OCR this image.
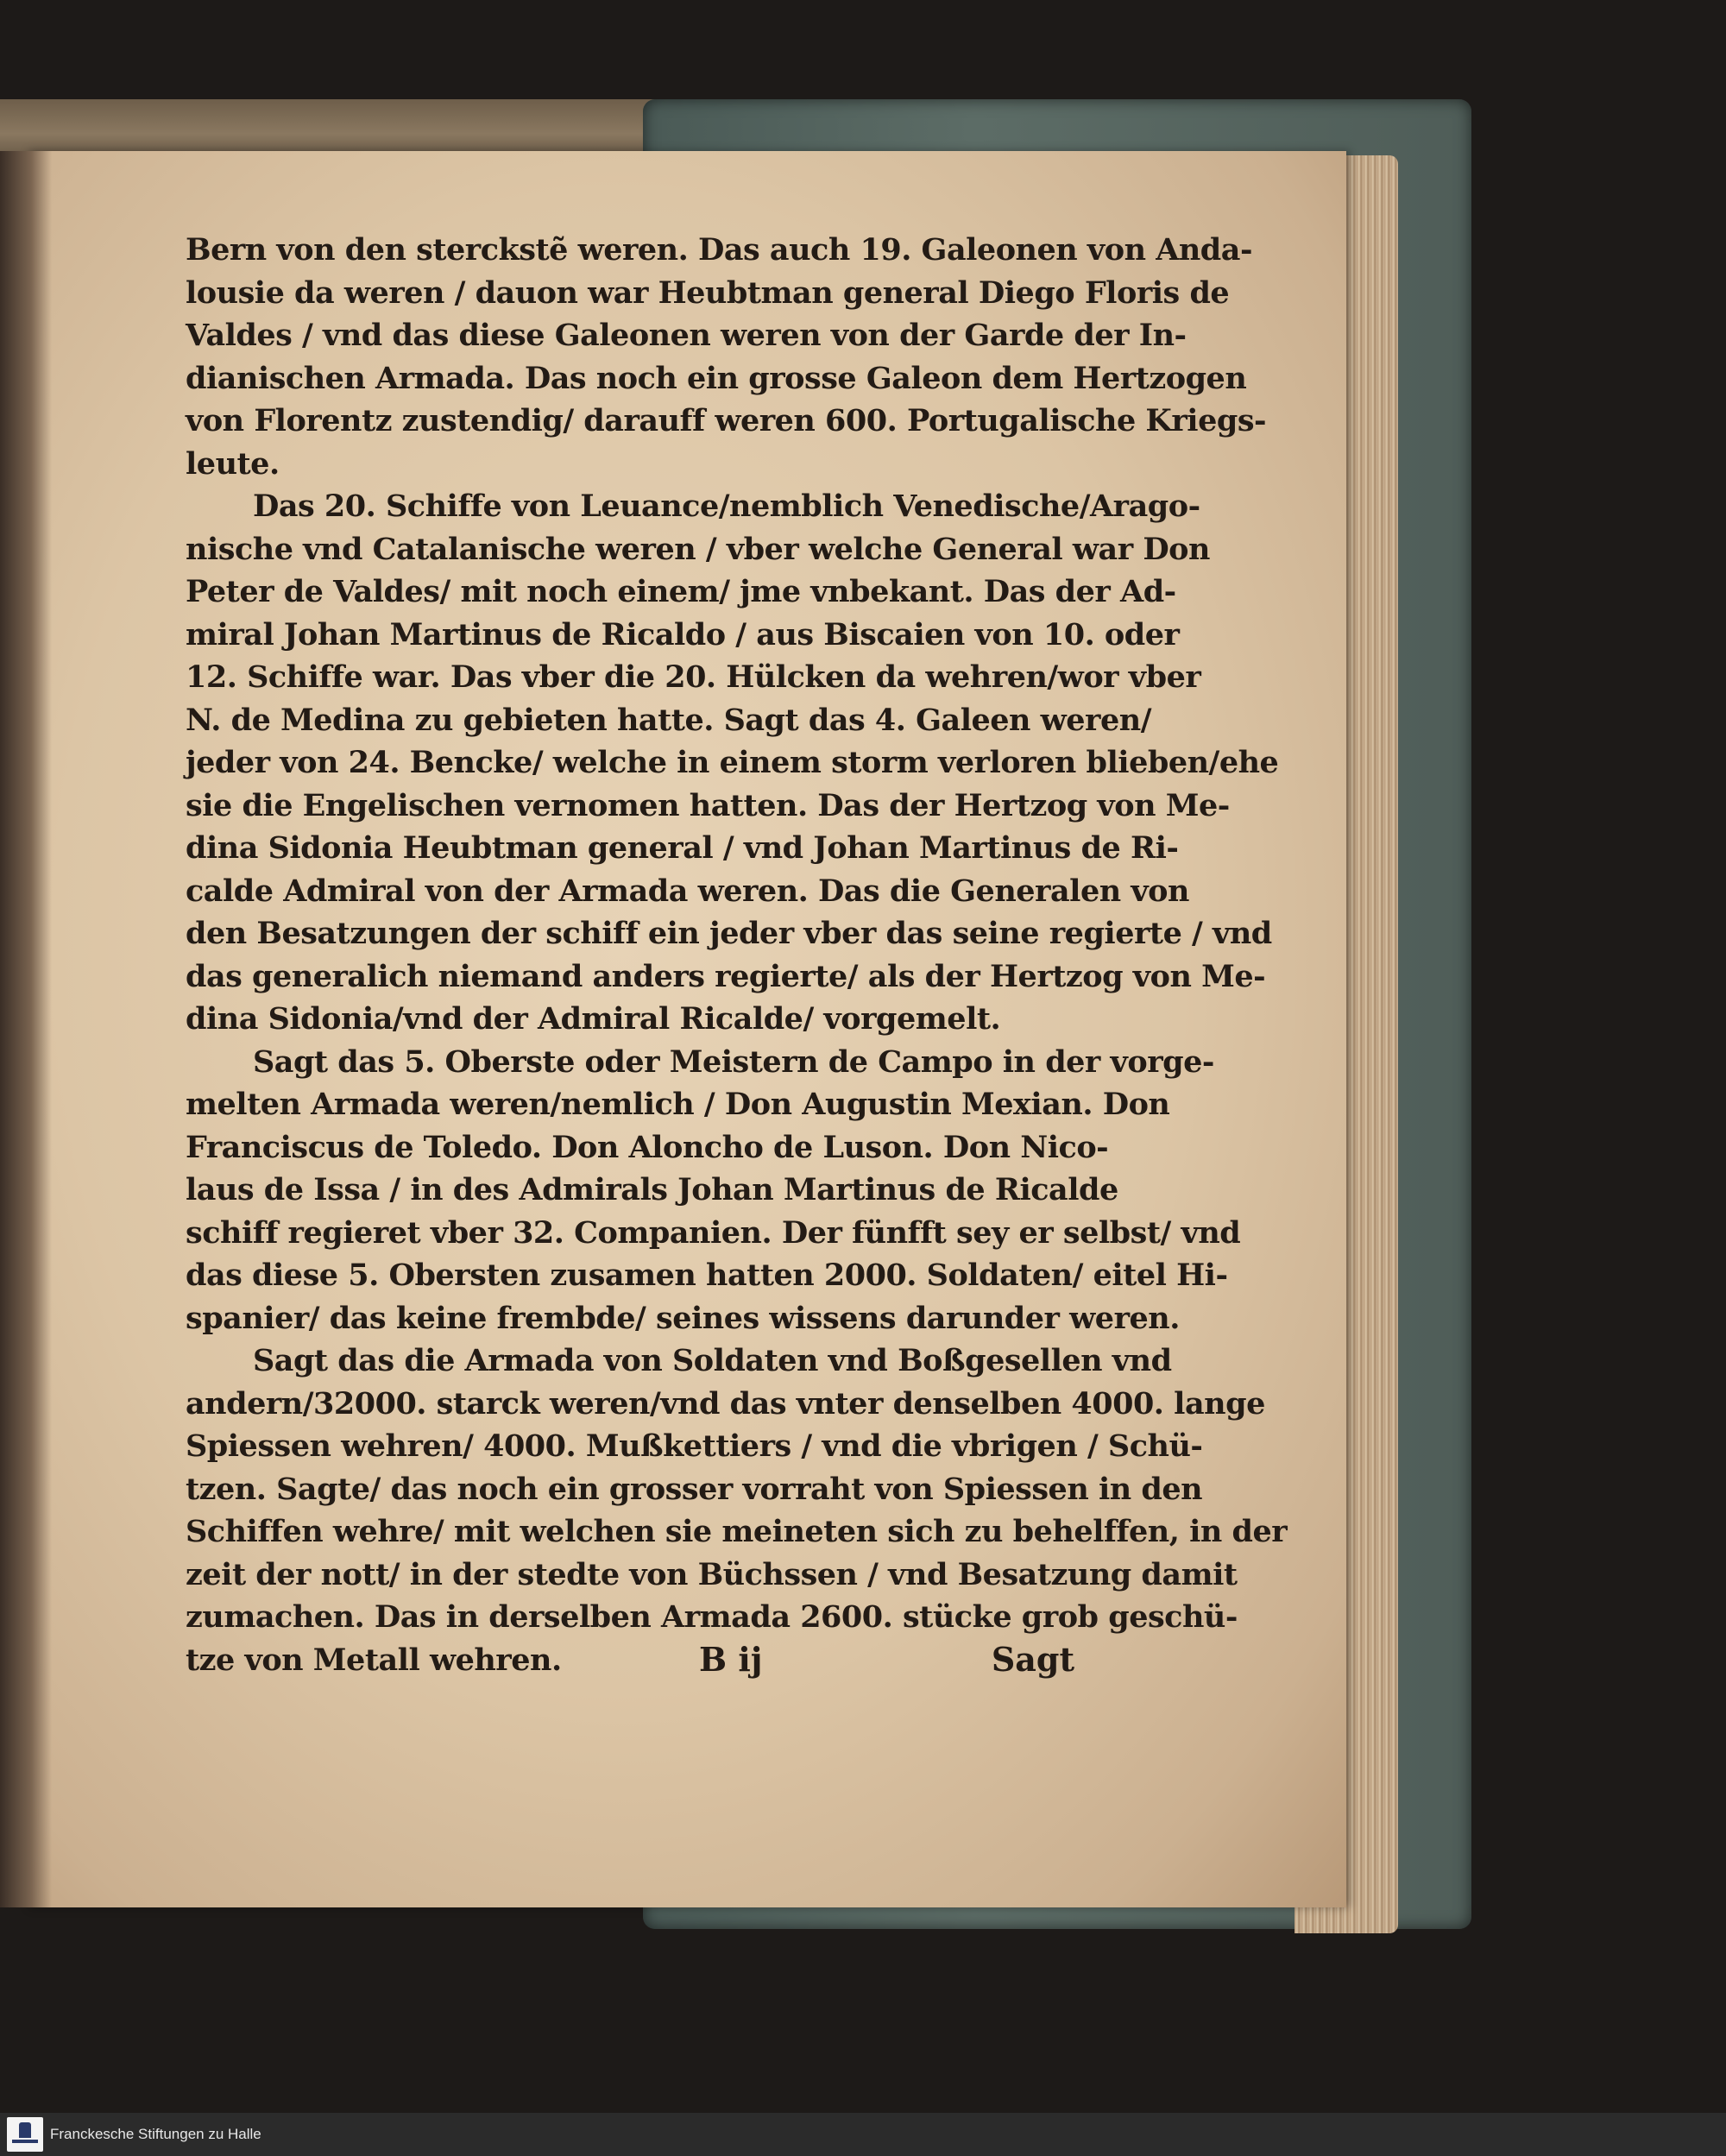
Bern von den sterckstẽ weren. Das auch 19. Galeonen von Anda-
lousie da weren / dauon war Heubtman general Diego Floris de
Valdes / vnd das diese Galeonen weren von der Garde der In-
dianischen Armada. Das noch ein grosse Galeon dem Hertzogen
von Florentz zustendig/ darauff weren 600. Portugalische Kriegs-
leute.
Das 20. Schiffe von Leuance/nemblich Venedische/Arago-
nische vnd Catalanische weren / vber welche General war Don
Peter de Valdes/ mit noch einem/ jme vnbekant. Das der Ad-
miral Johan Martinus de Ricaldo / aus Biscaien von 10. oder
12. Schiffe war. Das vber die 20. Hülcken da wehren/wor vber
N. de Medina zu gebieten hatte. Sagt das 4. Galeen weren/
jeder von 24. Bencke/ welche in einem storm verloren blieben/ehe
sie die Engelischen vernomen hatten. Das der Hertzog von Me-
dina Sidonia Heubtman general / vnd Johan Martinus de Ri-
calde Admiral von der Armada weren. Das die Generalen von
den Besatzungen der schiff ein jeder vber das seine regierte / vnd
das generalich niemand anders regierte/ als der Hertzog von Me-
dina Sidonia/vnd der Admiral Ricalde/ vorgemelt.
Sagt das 5. Oberste oder Meistern de Campo in der vorge-
melten Armada weren/nemlich / Don Augustin Mexian. Don
Franciscus de Toledo. Don Aloncho de Luson. Don Nico-
laus de Issa / in des Admirals Johan Martinus de Ricalde
schiff regieret vber 32. Companien. Der fünfft sey er selbst/ vnd
das diese 5. Obersten zusamen hatten 2000. Soldaten/ eitel Hi-
spanier/ das keine frembde/ seines wissens darunder weren.
Sagt das die Armada von Soldaten vnd Boßgesellen vnd
andern/32000. starck weren/vnd das vnter denselben 4000. lange
Spiessen wehren/ 4000. Mußkettiers / vnd die vbrigen / Schü-
tzen. Sagte/ das noch ein grosser vorraht von Spiessen in den
Schiffen wehre/ mit welchen sie meineten sich zu behelffen, in der
zeit der nott/ in der stedte von Büchssen / vnd Besatzung damit
zumachen. Das in derselben Armada 2600. stücke grob geschü-
tze von Metall wehren.	B ij	Sagt
Franckesche Stiftungen zu Halle
